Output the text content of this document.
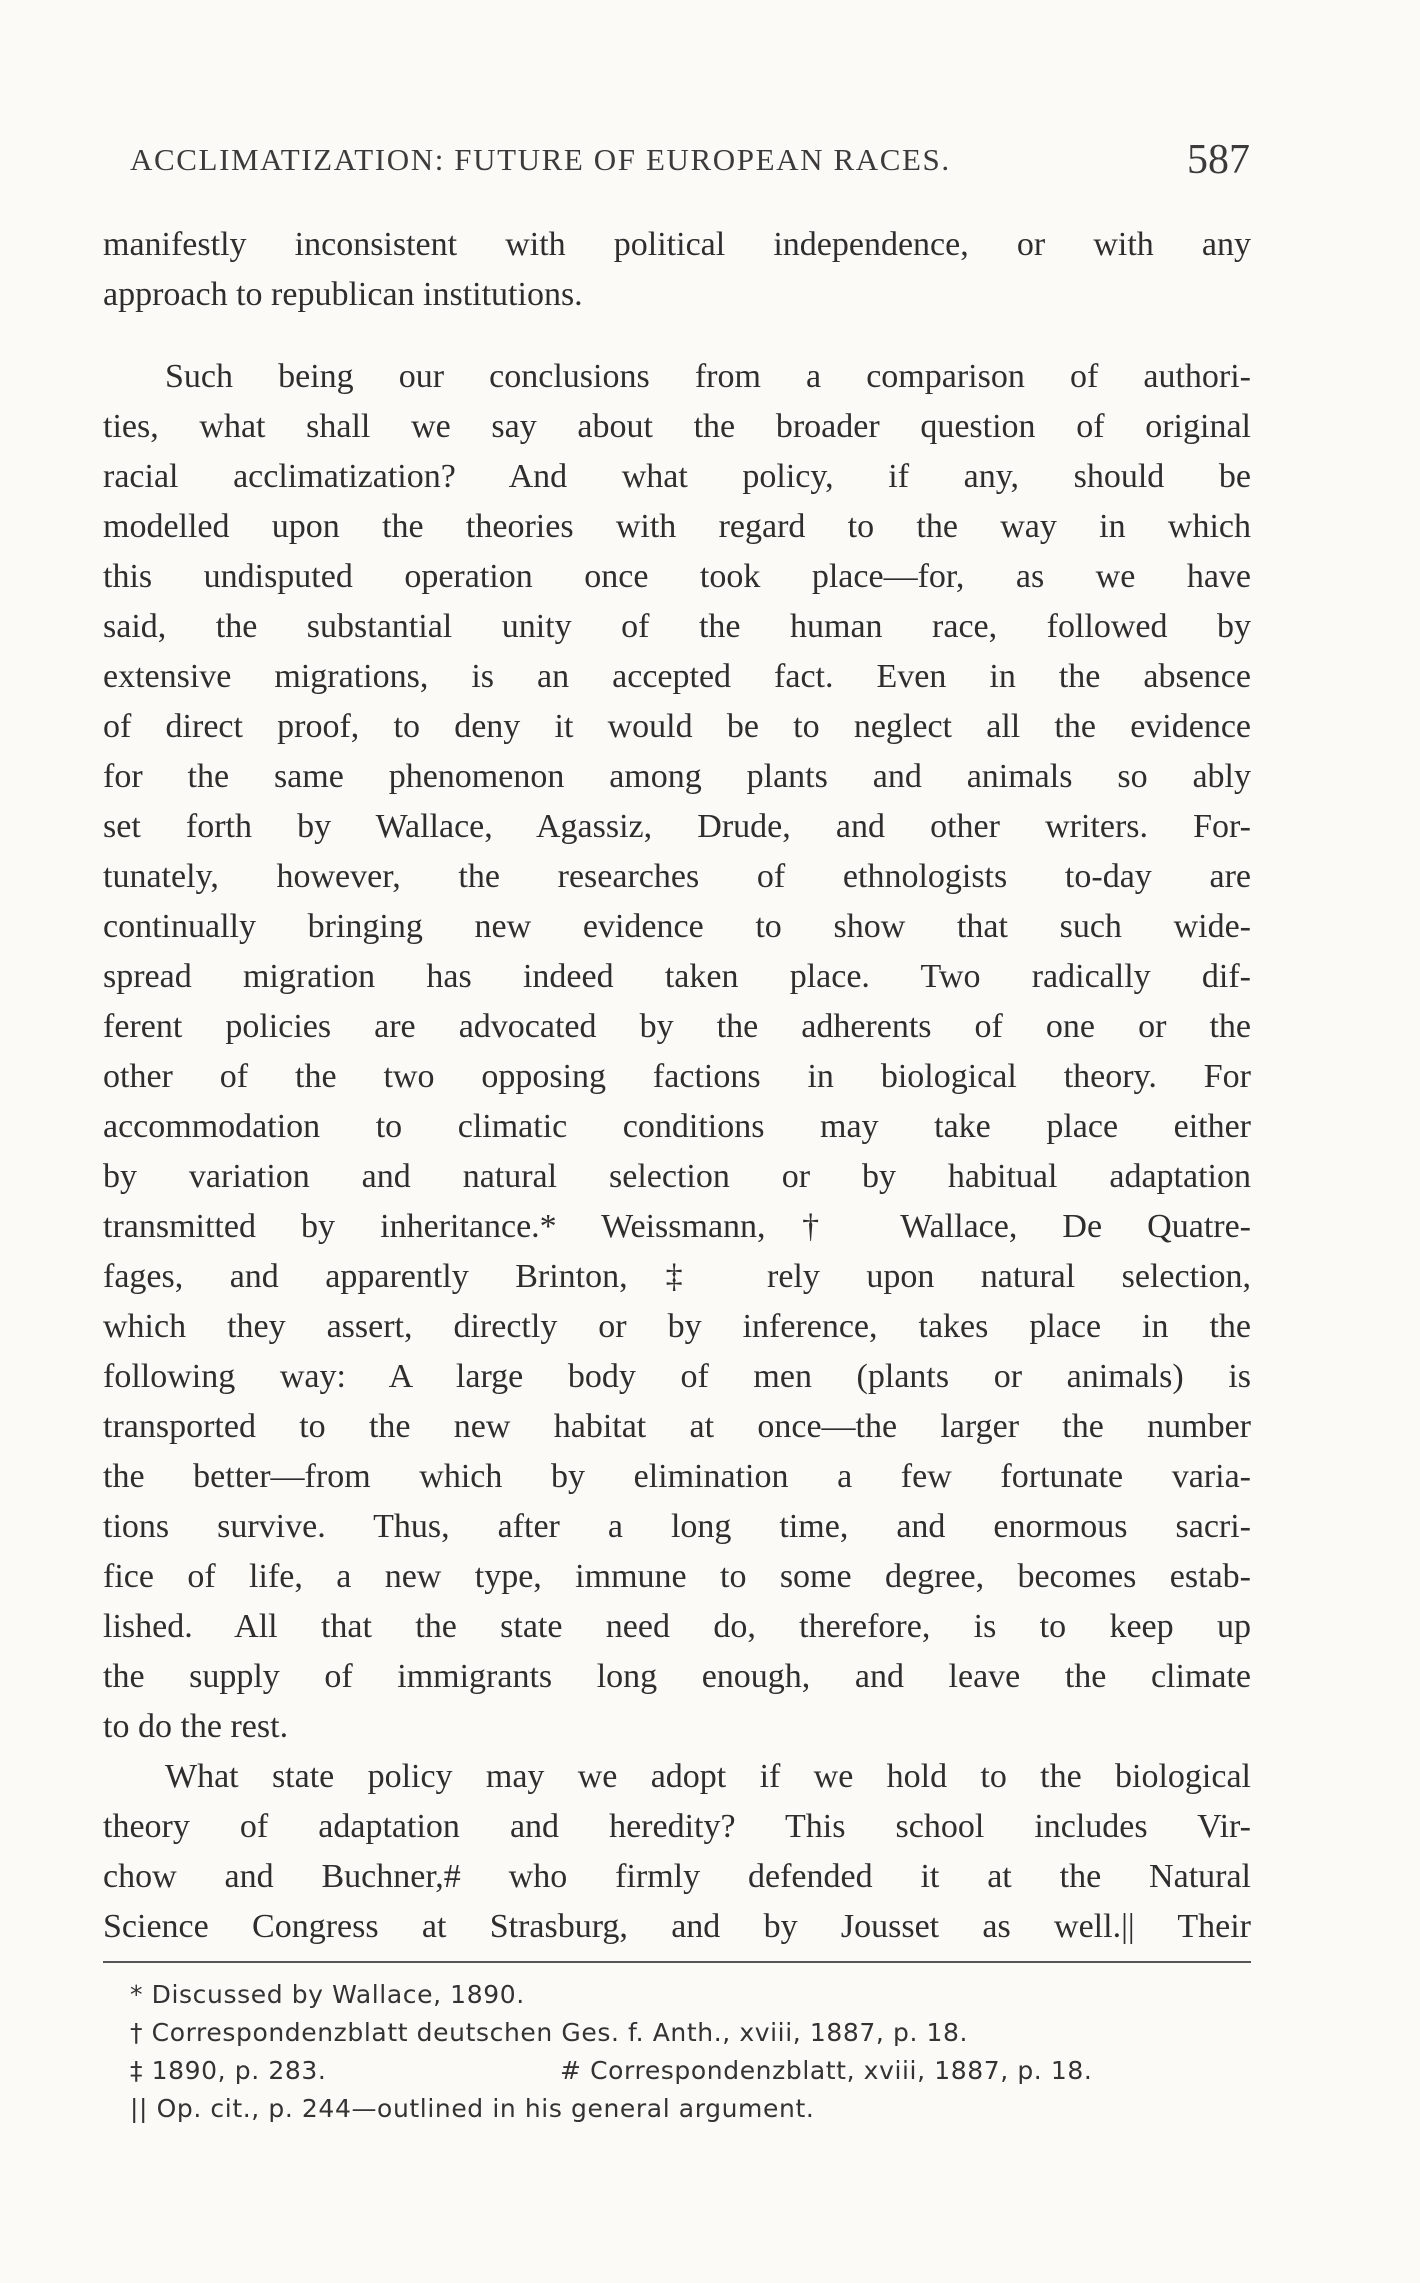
ACCLIMATIZATION: FUTURE OF EUROPEAN RACES.	587
manifestly inconsistent with political independence, or with any
approach to republican institutions.
Such being our conclusions from a comparison of authori-
ties, what shall we say about the broader question of original
racial acclimatization? And what policy, if any, should be
modelled upon the theories with regard to the way in which
this undisputed operation once took place—for, as we have
said, the substantial unity of the human race, followed by
extensive migrations, is an accepted fact. Even in the absence
of direct proof, to deny it would be to neglect all the evidence
for the same phenomenon among plants and animals so ably
set forth by Wallace, Agassiz, Drude, and other writers. For-
tunately, however, the researches of ethnologists to-day are
continually bringing new evidence to show that such wide-
spread migration has indeed taken place. Two radically dif-
ferent policies are advocated by the adherents of one or the
other of the two opposing factions in biological theory. For
accommodation to climatic conditions may take place either
by variation and natural selection or by habitual adaptation
transmitted by inheritance.* Weissmann,† Wallace, De Quatre-
fages, and apparently Brinton,‡ rely upon natural selection,
which they assert, directly or by inference, takes place in the
following way: A large body of men (plants or animals) is
transported to the new habitat at once—the larger the number
the better—from which by elimination a few fortunate varia-
tions survive. Thus, after a long time, and enormous sacri-
fice of life, a new type, immune to some degree, becomes estab-
lished. All that the state need do, therefore, is to keep up
the supply of immigrants long enough, and leave the climate
to do the rest.
What state policy may we adopt if we hold to the biological
theory of adaptation and heredity? This school includes Vir-
chow and Buchner,# who firmly defended it at the Natural
Science Congress at Strasburg, and by Jousset as well.|| Their
* Discussed by Wallace, 1890.
† Correspondenzblatt deutschen Ges. f. Anth., xviii, 1887, p. 18.
‡ 1890, p. 283.	# Correspondenzblatt, xviii, 1887, p. 18.
|| Op. cit., p. 244—outlined in his general argument.
